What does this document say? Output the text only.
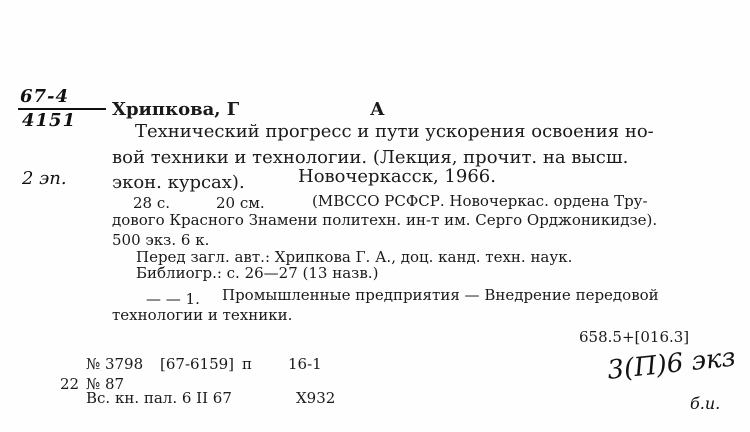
67-4
4151
2 эп.
Хрипкова, Г	А
Технический прогресс и пути ускорения освоения но-
вой техники и технологии. (Лекция, прочит. на высш.
экон. курсах).	Новочеркасск, 1966.
28 с.	20 см.	(МВССО РСФСР. Новочеркас. ордена Тру-
дового Красного Знамени политехн. ин-т им. Серго Орджоникидзе).
500 экз. 6 к.
Перед загл. авт.: Хрипкова Г. А., доц. канд. техн. наук.
Библиогр.: с. 26—27 (13 назв.)
— — 1. Промышленные предприятия — Внедрение передовой
технологии и техники.
658.5+[016.3]
№ 3798 [67-6159] п 16-1
22 № 87
Вс. кн. пал. 6 II 67	Х932
3(П)6 экз
б.и.
